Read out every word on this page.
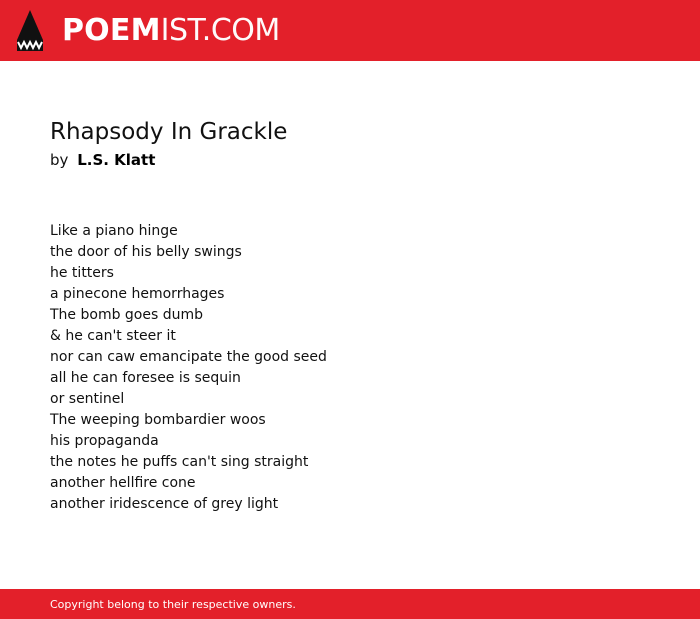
POEMIST.COM
Rhapsody In Grackle
by L.S. Klatt
Like a piano hinge
the door of his belly swings
he titters
a pinecone hemorrhages
The bomb goes dumb
& he can't steer it
nor can caw emancipate the good seed
all he can foresee is sequin
or sentinel
The weeping bombardier woos
his propaganda
the notes he puffs can't sing straight
another hellfire cone
another iridescence of grey light
Copyright belong to their respective owners.
